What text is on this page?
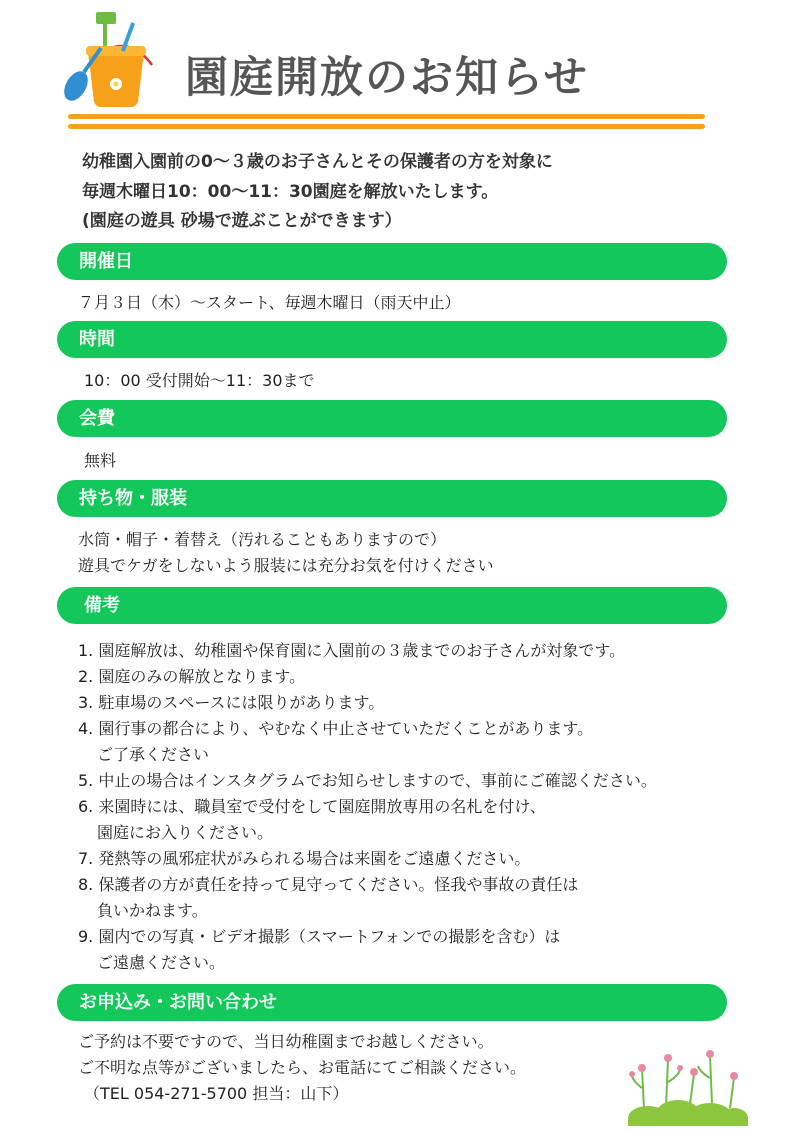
園庭開放のお知らせ
幼稚園入園前の0〜３歳のお子さんとその保護者の方を対象に
毎週木曜日10：00〜11：30園庭を解放いたします。
(園庭の遊具 砂場で遊ぶことができます）
開催日
７月３日（木）〜スタート、毎週木曜日（雨天中止）
時間
10：00 受付開始〜11：30まで
会費
無料
持ち物・服装
水筒・帽子・着替え（汚れることもありますので）
遊具でケガをしないよう服装には充分お気を付けください
備考
1. 園庭解放は、幼稚園や保育園に入園前の３歳までのお子さんが対象です。
2. 園庭のみの解放となります。
3. 駐車場のスペースには限りがあります。
4. 園行事の都合により、やむなく中止させていただくことがあります。
ご了承ください
5. 中止の場合はインスタグラムでお知らせしますので、事前にご確認ください。
6. 来園時には、職員室で受付をして園庭開放専用の名札を付け、
園庭にお入りください。
7. 発熱等の風邪症状がみられる場合は来園をご遠慮ください。
8. 保護者の方が責任を持って見守ってください。怪我や事故の責任は
負いかねます。
9. 園内での写真・ビデオ撮影（スマートフォンでの撮影を含む）は
ご遠慮ください。
お申込み・お問い合わせ
ご予約は不要ですので、当日幼稚園までお越しください。
ご不明な点等がございましたら、お電話にてご相談ください。
（TEL 054-271-5700 担当：山下）
